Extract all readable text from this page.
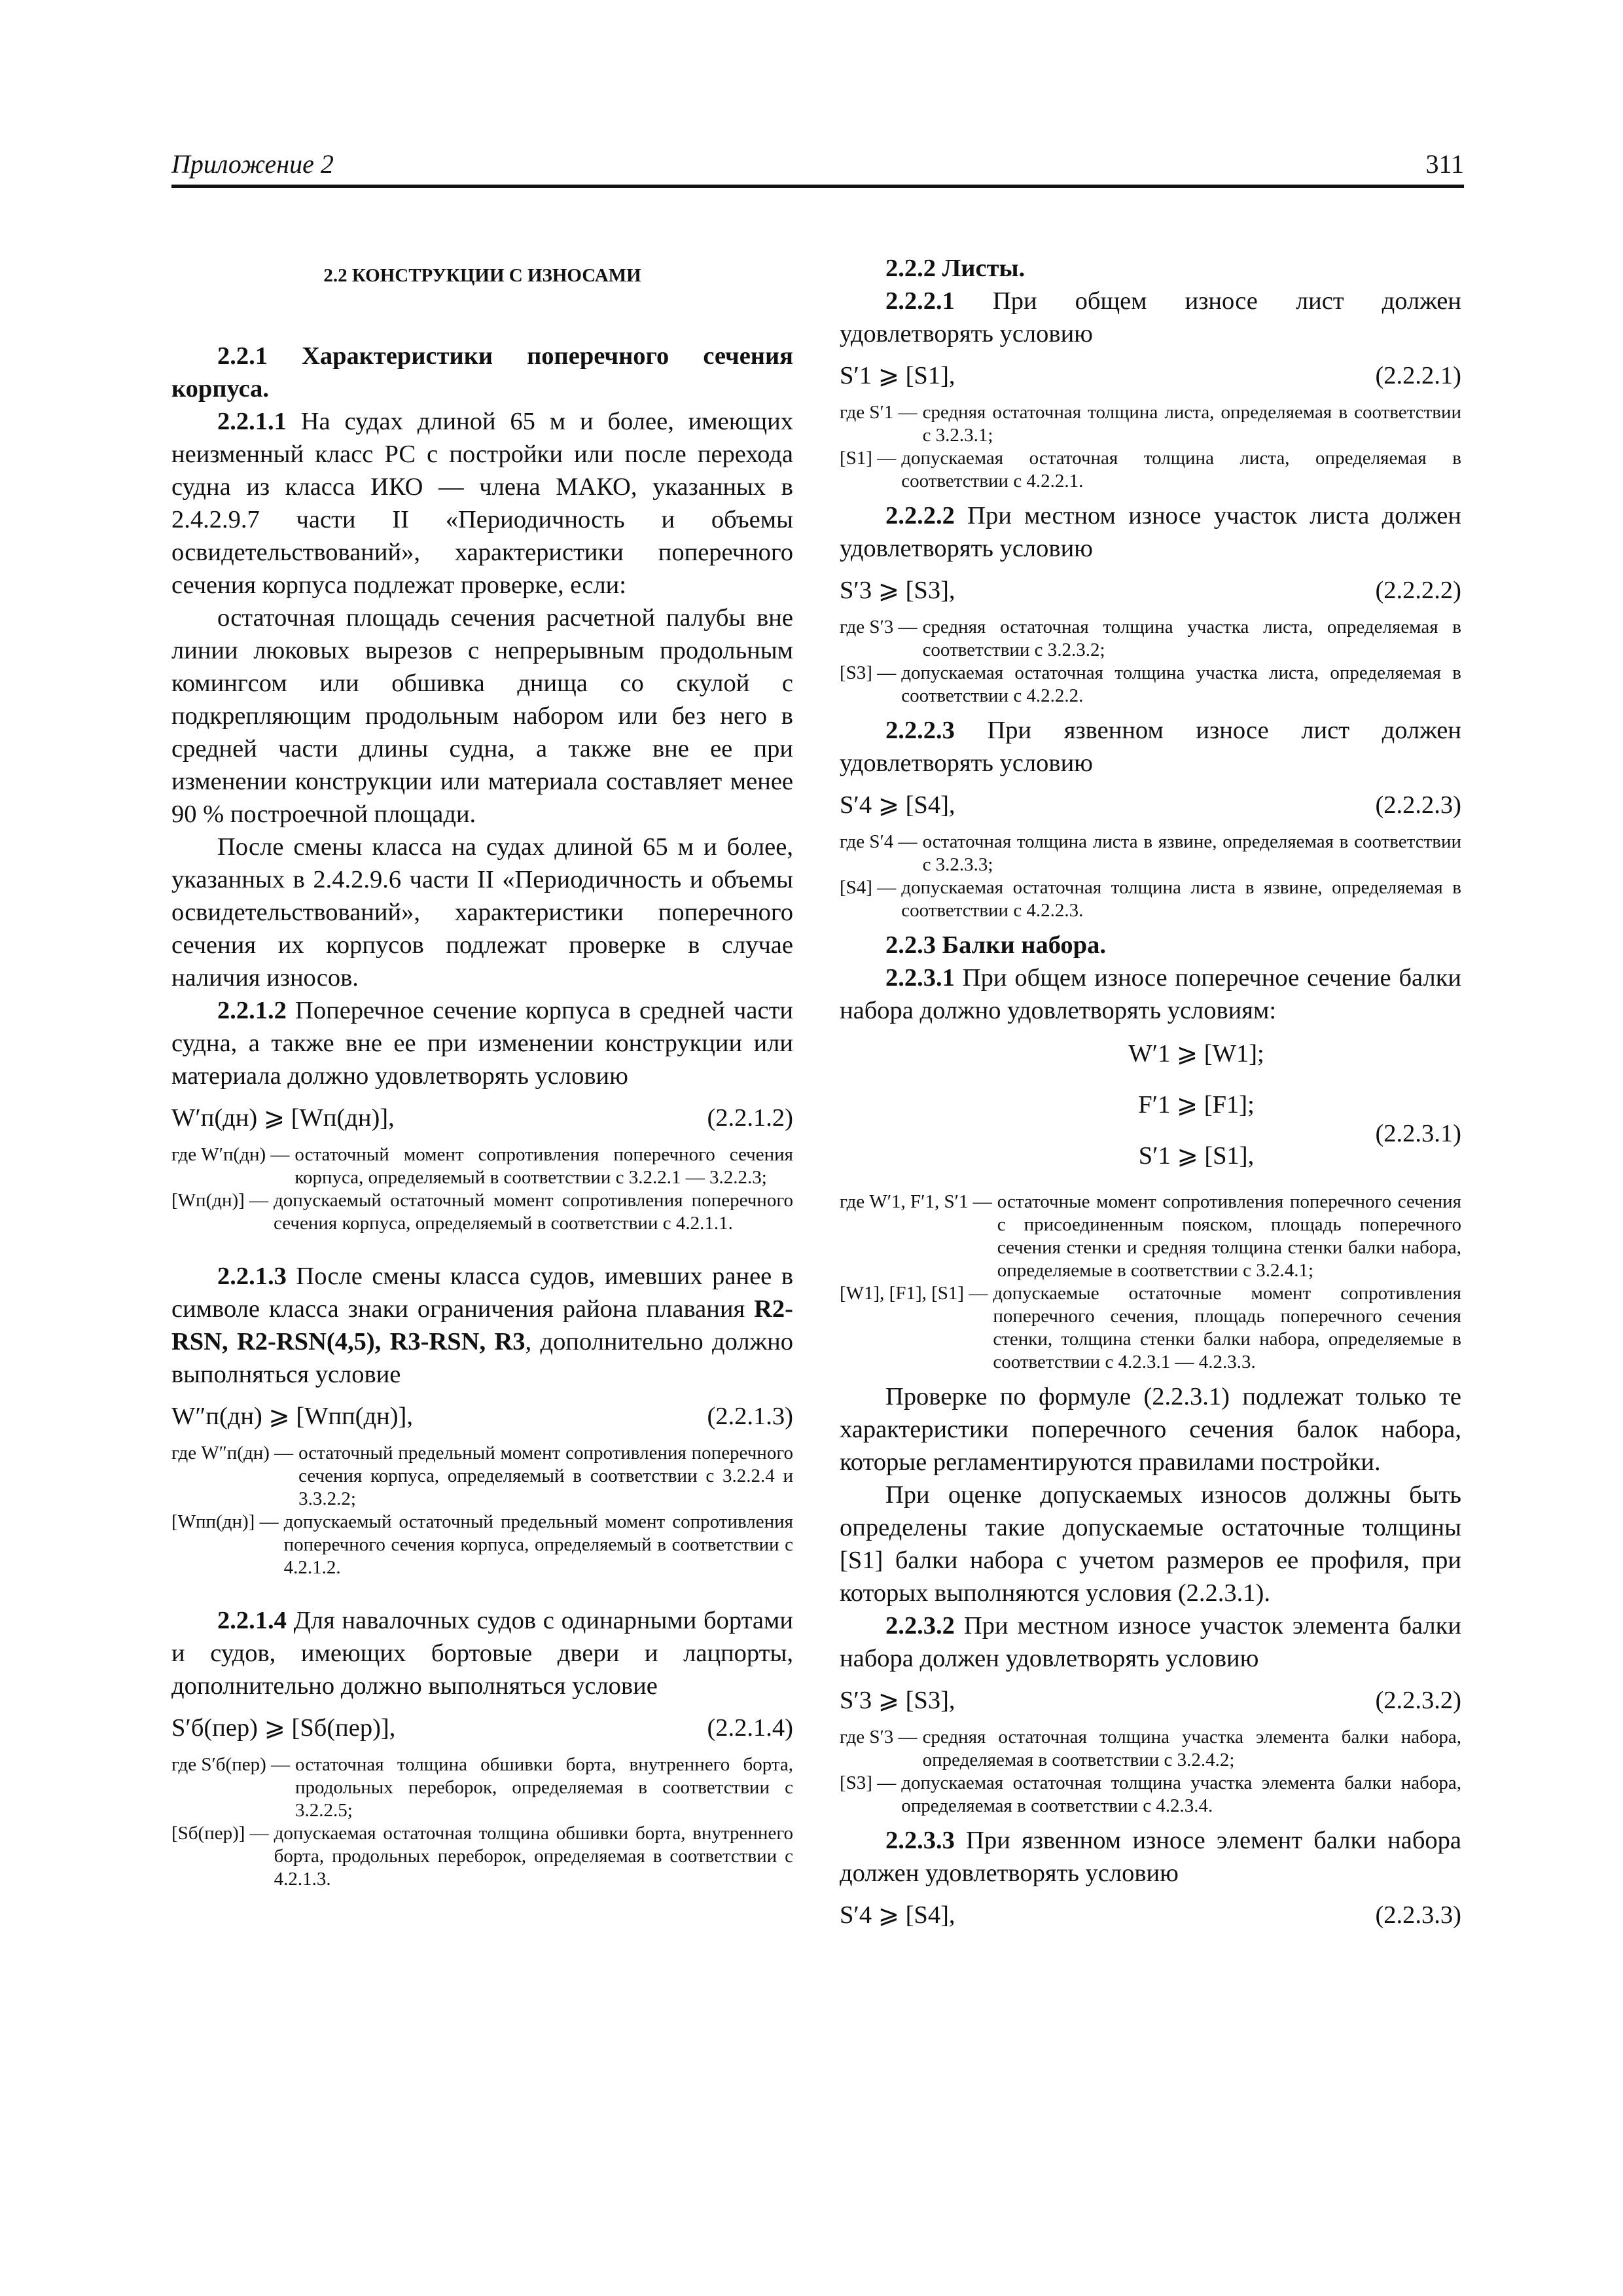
Приложение 2	311
2.2 КОНСТРУКЦИИ С ИЗНОСАМИ

2.2.1 Характеристики поперечного сечения корпуса.

2.2.1.1 На судах длиной 65 м и более, имеющих неизменный класс РС с постройки или после перехода судна из класса ИКО — члена МАКО, указанных в 2.4.2.9.7 части II «Периодичность и объемы освидетельствований», характеристики поперечного сечения корпуса подлежат проверке, если:

остаточная площадь сечения расчетной палубы вне линии люковых вырезов с непрерывным продольным комингсом или обшивка днища со скулой с подкрепляющим продольным набором или без него в средней части длины судна, а также вне ее при изменении конструкции или материала составляет менее 90 % построечной площади.

После смены класса на судах длиной 65 м и более, указанных в 2.4.2.9.6 части II «Периодичность и объемы освидетельствований», характеристики поперечного сечения их корпусов подлежат проверке в случае наличия износов.

2.2.1.2 Поперечное сечение корпуса в средней части судна, а также вне ее при изменении конструкции или материала должно удовлетворять условию

W′п(дн) ⩾ [Wп(дн)],	(2.2.1.2)
где W′п(дн) — остаточный момент сопротивления поперечного сечения корпуса, определяемый в соответствии с 3.2.2.1 — 3.2.2.3;
[Wп(дн)] — допускаемый остаточный момент сопротивления поперечного сечения корпуса, определяемый в соответствии с 4.2.1.1.

2.2.1.3 После смены класса судов, имевших ранее в символе класса знаки ограничения района плавания R2-RSN, R2-RSN(4,5), R3-RSN, R3, дополнительно должно выполняться условие

W″п(дн) ⩾ [Wпп(дн)],	(2.2.1.3)
где W″п(дн) — остаточный предельный момент сопротивления поперечного сечения корпуса, определяемый в соответствии с 3.2.2.4 и 3.3.2.2;
[Wпп(дн)] — допускаемый остаточный предельный момент сопротивления поперечного сечения корпуса, определяемый в соответствии с 4.2.1.2.

2.2.1.4 Для навалочных судов с одинарными бортами и судов, имеющих бортовые двери и лацпорты, дополнительно должно выполняться условие

S′б(пер) ⩾ [Sб(пер)],	(2.2.1.4)
где S′б(пер) — остаточная толщина обшивки борта, внутреннего борта, продольных переборок, определяемая в соответствии с 3.2.2.5;
[Sб(пер)] — допускаемая остаточная толщина обшивки борта, внутреннего борта, продольных переборок, определяемая в соответствии с 4.2.1.3.

2.2.2 Листы.

2.2.2.1 При общем износе лист должен удовлетворять условию

S′1 ⩾ [S1],	(2.2.2.1)
где S′1 — средняя остаточная толщина листа, определяемая в соответствии с 3.2.3.1;
[S1] — допускаемая остаточная толщина листа, определяемая в соответствии с 4.2.2.1.

2.2.2.2 При местном износе участок листа должен удовлетворять условию

S′3 ⩾ [S3],	(2.2.2.2)
где S′3 — средняя остаточная толщина участка листа, определяемая в соответствии с 3.2.3.2;
[S3] — допускаемая остаточная толщина участка листа, определяемая в соответствии с 4.2.2.2.

2.2.2.3 При язвенном износе лист должен удовлетворять условию

S′4 ⩾ [S4],	(2.2.2.3)
где S′4 — остаточная толщина листа в язвине, определяемая в соответствии с 3.2.3.3;
[S4] — допускаемая остаточная толщина листа в язвине, определяемая в соответствии с 4.2.2.3.

2.2.3 Балки набора.

2.2.3.1 При общем износе поперечное сечение балки набора должно удовлетворять условиям:

W′1 ⩾ [W1];
F′1 ⩾ [F1];
S′1 ⩾ [S1],
(2.2.3.1)
где W′1, F′1, S′1 — остаточные момент сопротивления поперечного сечения с присоединенным пояском, площадь поперечного сечения стенки и средняя толщина стенки балки набора, определяемые в соответствии с 3.2.4.1;
[W1], [F1], [S1] — допускаемые остаточные момент сопротивления поперечного сечения, площадь поперечного сечения стенки, толщина стенки балки набора, определяемые в соответствии с 4.2.3.1 — 4.2.3.3.

Проверке по формуле (2.2.3.1) подлежат только те характеристики поперечного сечения балок набора, которые регламентируются правилами постройки.

При оценке допускаемых износов должны быть определены такие допускаемые остаточные толщины [S1] балки набора с учетом размеров ее профиля, при которых выполняются условия (2.2.3.1).

2.2.3.2 При местном износе участок элемента балки набора должен удовлетворять условию

S′3 ⩾ [S3],	(2.2.3.2)
где S′3 — средняя остаточная толщина участка элемента балки набора, определяемая в соответствии с 3.2.4.2;
[S3] — допускаемая остаточная толщина участка элемента балки набора, определяемая в соответствии с 4.2.3.4.

2.2.3.3 При язвенном износе элемент балки набора должен удовлетворять условию

S′4 ⩾ [S4],	(2.2.3.3)
